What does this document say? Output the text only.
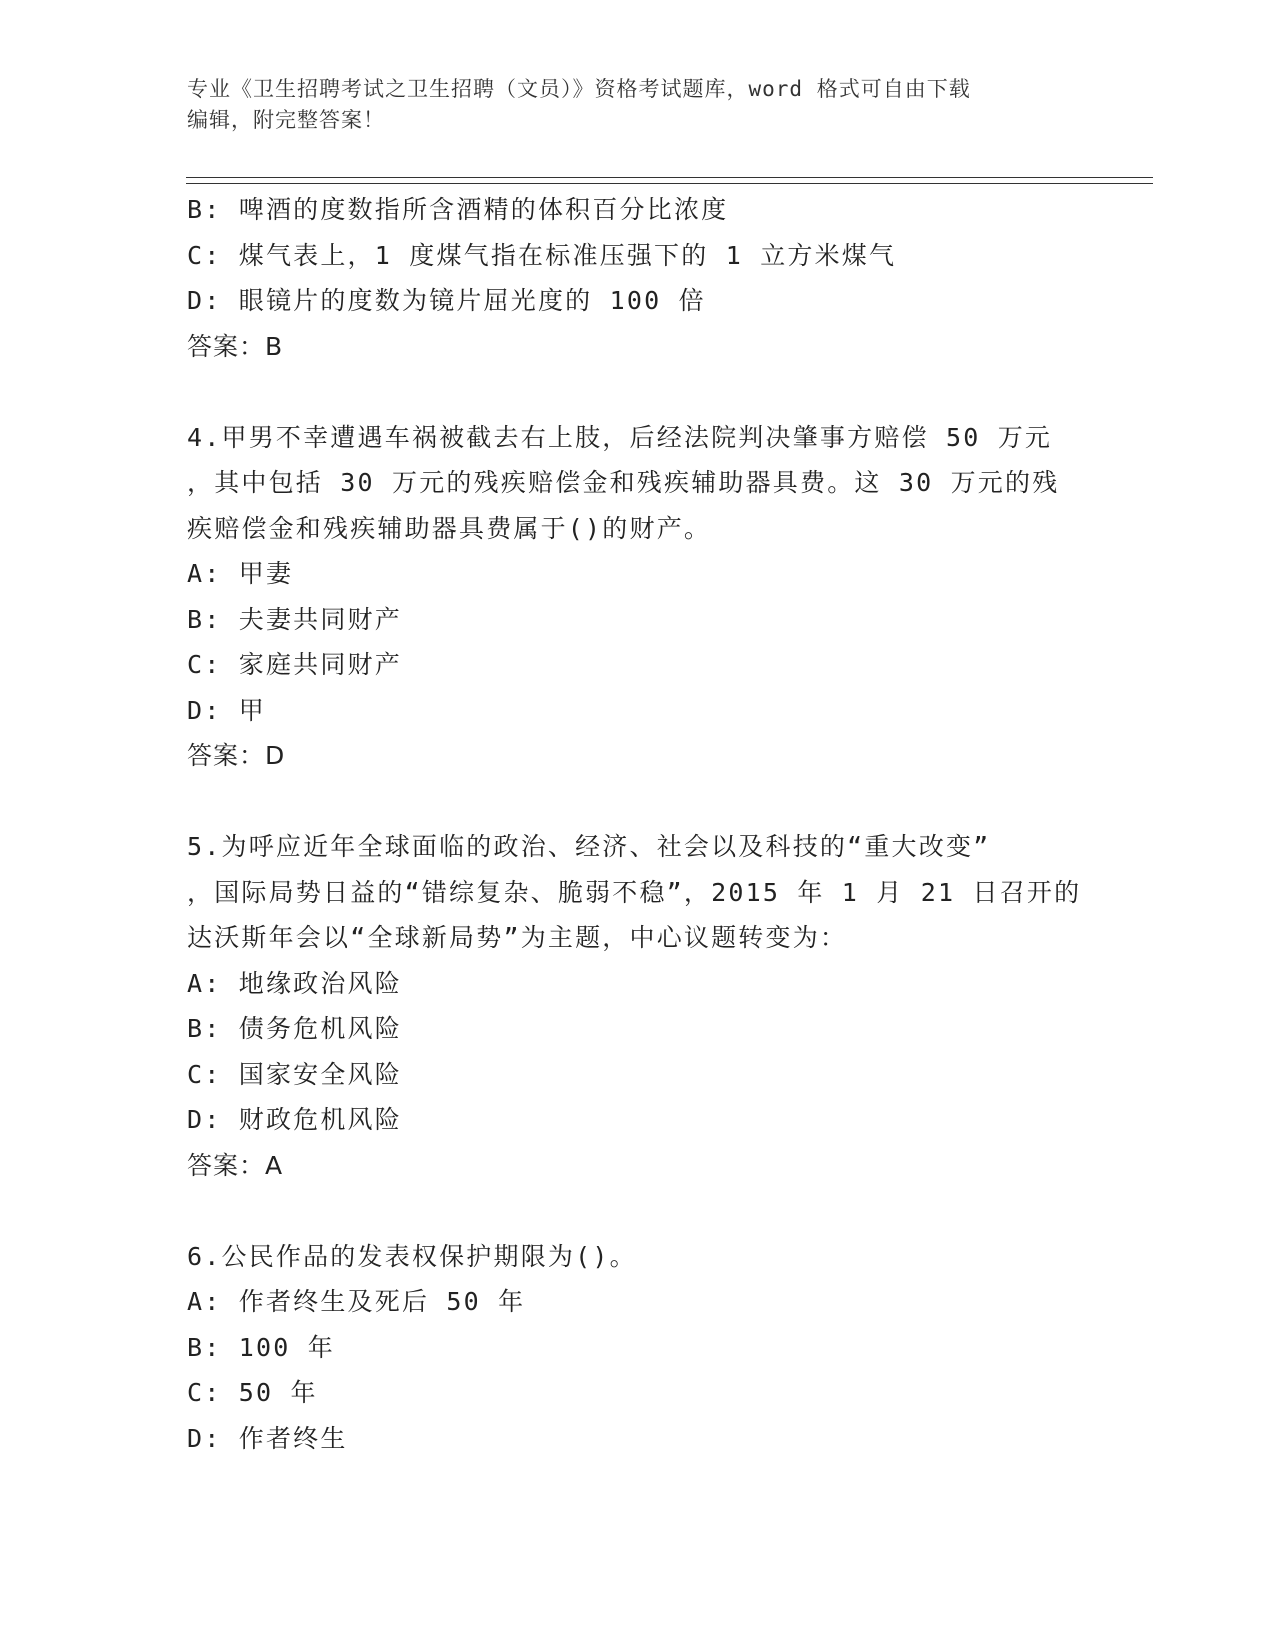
专业《卫生招聘考试之卫生招聘（文员）》资格考试题库，word 格式可自由下载
编辑，附完整答案！
B: 啤酒的度数指所含酒精的体积百分比浓度
C: 煤气表上，1 度煤气指在标准压强下的 1 立方米煤气
D: 眼镜片的度数为镜片屈光度的 100 倍
答案：B
4.甲男不幸遭遇车祸被截去右上肢，后经法院判决肇事方赔偿 50 万元
，其中包括 30 万元的残疾赔偿金和残疾辅助器具费。这 30 万元的残
疾赔偿金和残疾辅助器具费属于()的财产。
A: 甲妻
B: 夫妻共同财产
C: 家庭共同财产
D: 甲
答案：D
5.为呼应近年全球面临的政治、经济、社会以及科技的“重大改变”
，国际局势日益的“错综复杂、脆弱不稳”，2015 年 1 月 21 日召开的
达沃斯年会以“全球新局势”为主题，中心议题转变为：
A: 地缘政治风险
B: 债务危机风险
C: 国家安全风险
D: 财政危机风险
答案：A
6.公民作品的发表权保护期限为()。
A: 作者终生及死后 50 年
B: 100 年
C: 50 年
D: 作者终生
